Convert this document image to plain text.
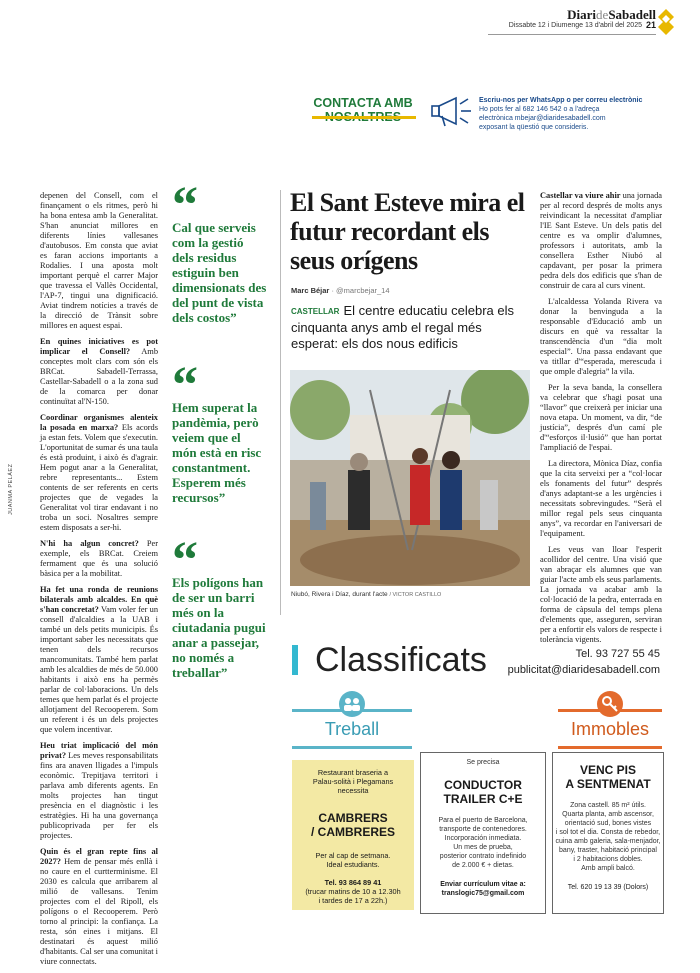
DiarideSabadell
Dissabte 12 i Diumenge 13 d'abril del 2025 21
CONTACTA AMB	Escriu-nos per WhatsApp o per correu electrònic
Ho pots fer al 682 146 542 o a l'adreça
electrònica mbejar@diaridesabadell.com
exposant la qüestió que consideris.
JUANMA PELÁEZ

depenen del Consell, com el finançament o els ritmes, però hi ha bona entesa amb la Generalitat. S'han anunciat millores en diferents línies vallesanes d'autobusos. Em consta que aviat es faran accions importants a Rodalies. I una aposta molt important perquè el carrer Major que travessa el Vallès Occidental, l'AP-7, tingui una dignificació. Aviat tindrem notícies a través de la direcció de Trànsit sobre millores en aquest espai.

En quines iniciatives es pot implicar el Consell? Amb conceptes molt clars com són els BRCat. Sabadell-Terrassa, Castellar-Sabadell o a la zona sud de la comarca per donar continuïtat al'N-150.

Coordinar organismes alenteix la posada en marxa? Els acords ja estan fets. Volem que s'executin. L'oportunitat de sumar és una taula és està produint, i això és d'agrair. Hem pogut anar a la Generalitat, rebre representants... Estem contents de ser referents en certs projectes que de vegades la Generalitat vol tirar endavant i no troba un soci. Nosaltres sempre estem disposats a ser-hi.

N'hi ha algun concret? Per exemple, els BRCat. Creiem fermament que és una solució bàsica per a la mobilitat.

Ha fet una ronda de reunions bilaterals amb alcaldes. En què s'han concretat? Vam voler fer un consell d'alcaldies a la UAB i també un dels petits municipis. És important saber les necessitats que tenen dels recursos mancomunitats. També hem parlat amb les alcaldies de més de 50.000 habitants i això ens ha permès parlar de col·laboracions. Un dels temes que hem parlat és el projecte allotjament del Recooperem. Som un referent i és un dels projectes que volem incentivar.

Heu triat implicació del món privat? Les meves responsabilitats fins ara anaven lligades a l'impuls econòmic. Trepitjava territori i parlava amb diferents agents. En molts projectes han tingut presència en el diagnòstic i les estratègies. Hi ha una governança publicoprivada per fer els projectes.

Quin és el gran repte fins al 2027? Hem de pensar més enllà i no caure en el curtterminisme. El 2030 es calcula que arribarem al milió de vallesans. Tenim projectes com el del Ripoll, els polígons o el Recooperem. Però torno al principi: la confiança. La resta, són eines i mitjans. El destinatari és aquest milió d'habitants. Cal ser una comunitat i viure connectats.

“
Cal que serveis com la gestió dels residus estiguin ben dimensionats des del punt de vista dels costos”
“
Hem superat la pandèmia, però veiem que el món està en risc constantment. Esperem més recursos”
“
Els polígons han de ser un barri més on la ciutadania pugui anar a passejar, no només a treballar”
El Sant Esteve mira el futur recordant els seus orígens
Marc Béjar · @marcbejar_14
CASTELLAR El centre educatiu celebra els cinquanta anys amb el regal més esperat: els dos nous edificis
Niubó, Rivera i Díaz, durant l'acte / VICTOR CASTILLO

Castellar va viure ahir una jornada per al record després de molts anys reivindicant la necessitat d'ampliar l'IE Sant Esteve. Un dels patis del centre es va omplir d'alumnes, professors i autoritats, amb la consellera Esther Niubó al capdavant, per posar la primera pedra dels dos edificis que s'han de construir de cara al curs vinent.

L'alcaldessa Yolanda Rivera va donar la benvinguda a la responsable d'Educació amb un discurs en què va ressaltar la transcendència d'un “dia molt especial”. Una passa endavant que va titllar d'“esperada, merescuda i que omple d'alegria” la vila.

Per la seva banda, la consellera va celebrar que s'hagi posat una “llavor” que creixerà per iniciar una nova etapa. Un moment, va dir, “de justícia”, després d'un camí ple d'“esforços il·lusió” que han portat l'ampliació de l'espai.

La directora, Mònica Díaz, confia que la cita serveixi per a “col·locar els fonaments del futur” després d'anys adaptant-se a les urgències i necessitats sobrevingudes. “Serà el millor regal pels seus cinquanta anys”, va recordar en l'aniversari de l'equipament.

Les veus van lloar l'esperit acollidor del centre. Una visió que van abraçar els alumnes que van guiar l'acte amb els seus parlaments. La jornada va acabar amb la col·locació de la pedra, enterrada en forma de càpsula del temps plena d'elements que, asseguren, serviran per a enfortir els valors de respecte i tolerància vigents.

Classificats	Tel. 93 727 55 45
publicitat@diaridesabadell.com
Treball	Immobles
Restaurant braseria a
Palau-solità i Plegamans
necessita
CAMBRERS
/ CAMBRERES
Per al cap de setmana.
Ideal estudiants.
Tel. 93 864 89 41
(trucar matins de 10 a 12.30h
i tardes de 17 a 22h.)
Se precisa
CONDUCTOR
TRAILER C+E
Para el puerto de Barcelona,
transporte de contenedores.
Incorporación inmediata.
Un mes de prueba,
posterior contrato indefinido
de 2.000 € + dietas.
Enviar currículum vitae a:
translogic75@gmail.com
VENC PIS
A SENTMENAT
Zona castell. 85 m² útils.
Quarta planta, amb ascensor,
orientació sud, bones vistes
i sol tot el dia. Consta de rebedor,
cuina amb galeria, sala-menjador,
bany, traster, habitació principal
i 2 habitacions dobles.
Amb ampli balcó.
Tel. 620 19 13 39 (Dolors)
